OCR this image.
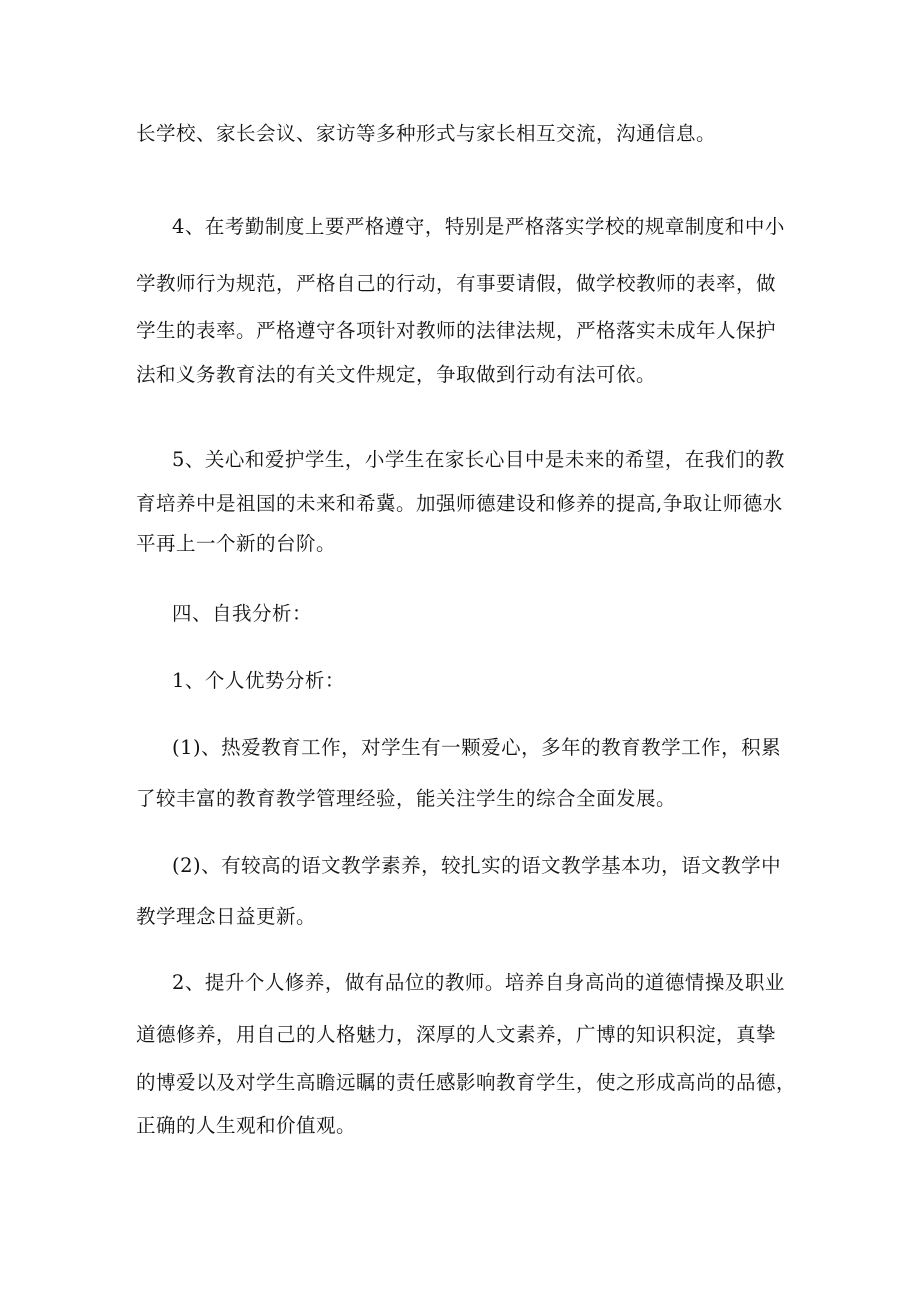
长学校、家长会议、家访等多种形式与家长相互交流，沟通信息。
4、在考勤制度上要严格遵守，特别是严格落实学校的规章制度和中小
学教师行为规范，严格自己的行动，有事要请假，做学校教师的表率，做
学生的表率。严格遵守各项针对教师的法律法规，严格落实未成年人保护
法和义务教育法的有关文件规定，争取做到行动有法可依。
5、关心和爱护学生，小学生在家长心目中是未来的希望，在我们的教
育培养中是祖国的未来和希冀。加强师德建设和修养的提高,争取让师德水
平再上一个新的台阶。
四、自我分析：
1、个人优势分析：
(1)、热爱教育工作，对学生有一颗爱心，多年的教育教学工作，积累
了较丰富的教育教学管理经验，能关注学生的综合全面发展。
(2)、有较高的语文教学素养，较扎实的语文教学基本功，语文教学中
教学理念日益更新。
2、提升个人修养，做有品位的教师。培养自身高尚的道德情操及职业
道德修养，用自己的人格魅力，深厚的人文素养，广博的知识积淀，真挚
的博爱以及对学生高瞻远瞩的责任感影响教育学生，使之形成高尚的品德，
正确的人生观和价值观。
